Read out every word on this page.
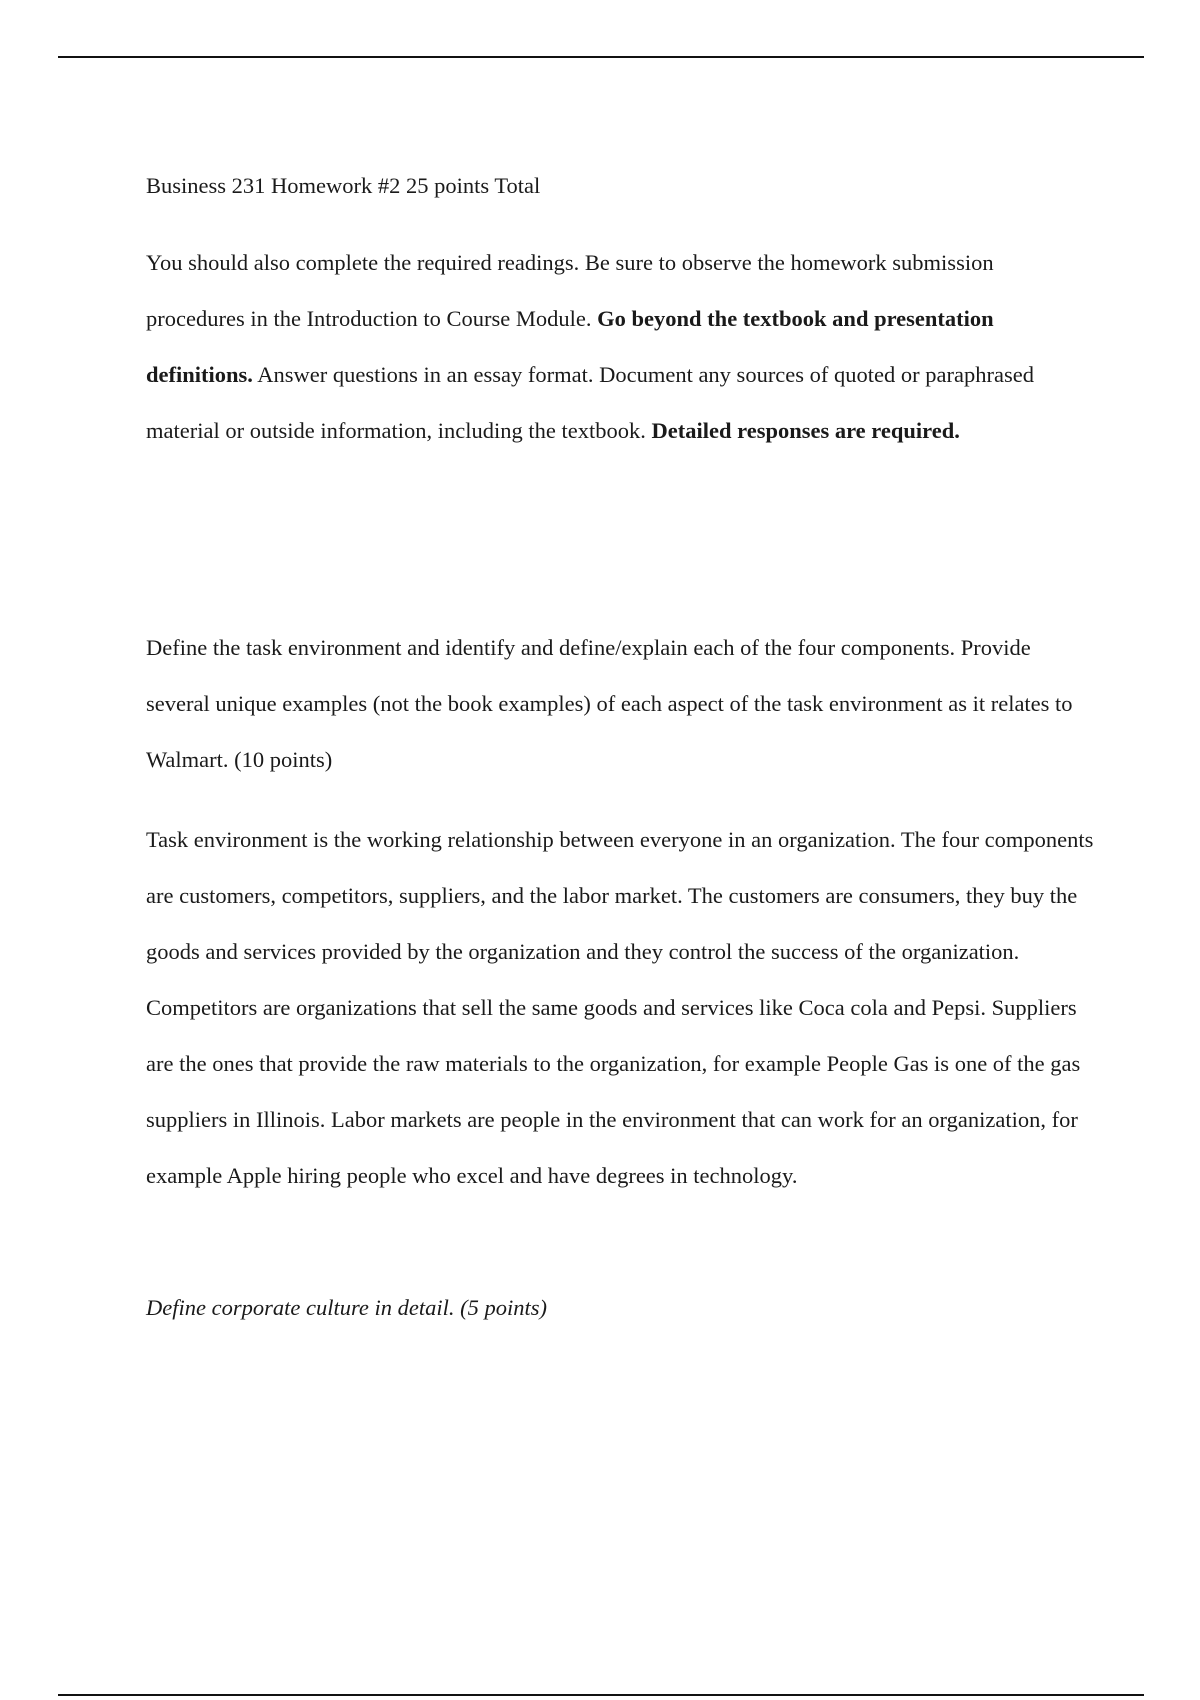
Business 231 Homework #2 25 points Total

You should also complete the required readings. Be sure to observe the homework submission procedures in the Introduction to Course Module. Go beyond the textbook and presentation definitions. Answer questions in an essay format. Document any sources of quoted or paraphrased material or outside information, including the textbook. Detailed responses are required.

Define the task environment and identify and define/explain each of the four components. Provide several unique examples (not the book examples) of each aspect of the task environment as it relates to Walmart. (10 points)

Task environment is the working relationship between everyone in an organization. The four components are customers, competitors, suppliers, and the labor market. The customers are consumers, they buy the goods and services provided by the organization and they control the success of the organization. Competitors are organizations that sell the same goods and services like Coca cola and Pepsi. Suppliers are the ones that provide the raw materials to the organization, for example People Gas is one of the gas suppliers in Illinois. Labor markets are people in the environment that can work for an organization, for example Apple hiring people who excel and have degrees in technology.

Define corporate culture in detail. (5 points)
